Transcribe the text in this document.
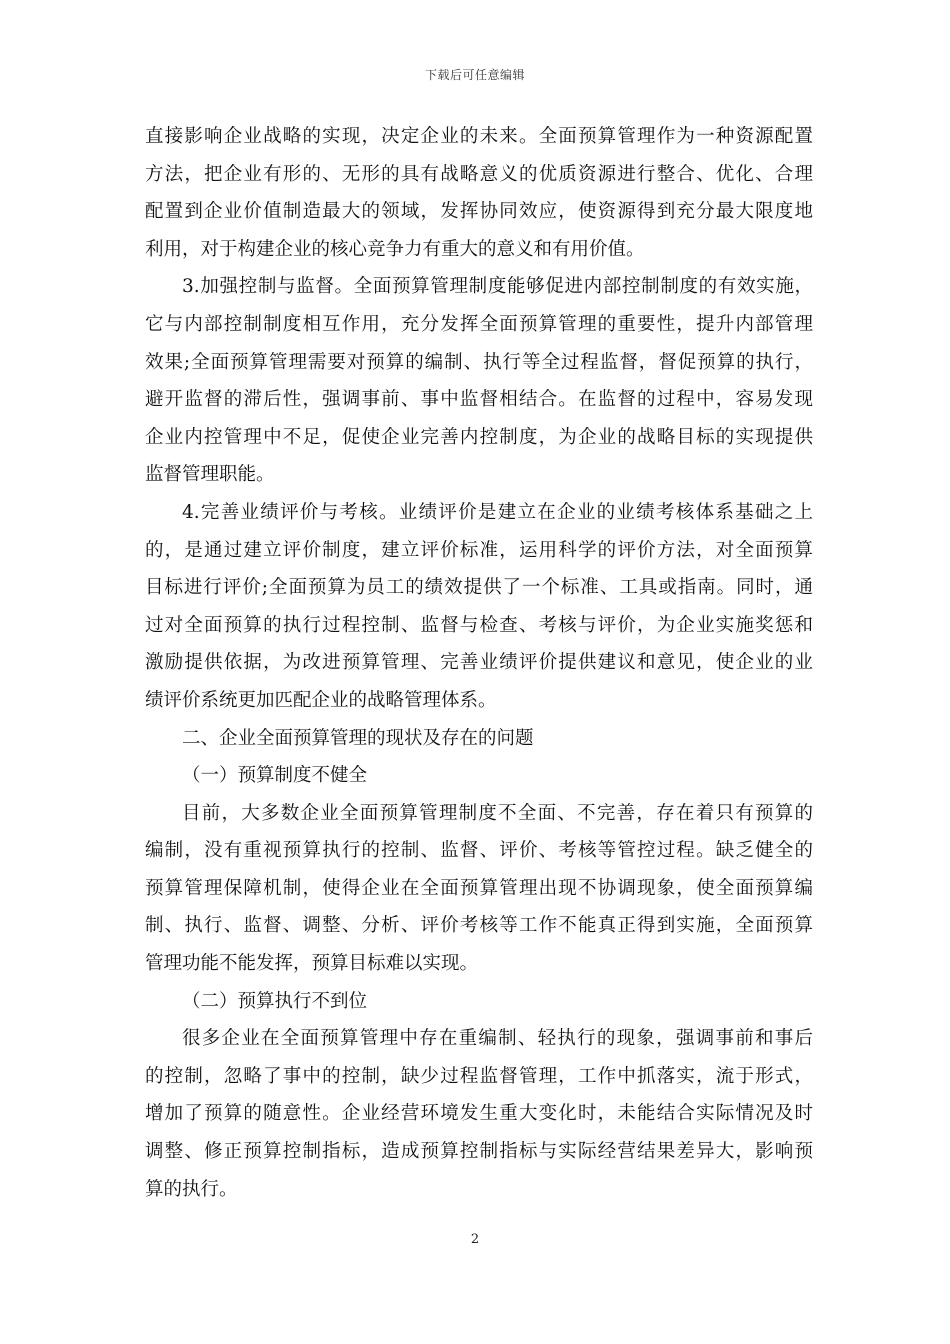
下载后可任意编辑
直接影响企业战略的实现，决定企业的未来。全面预算管理作为一种资源配置
方法，把企业有形的、无形的具有战略意义的优质资源进行整合、优化、合理
配置到企业价值制造最大的领域，发挥协同效应，使资源得到充分最大限度地
利用，对于构建企业的核心竞争力有重大的意义和有用价值。
3.加强控制与监督。全面预算管理制度能够促进内部控制制度的有效实施，
它与内部控制制度相互作用，充分发挥全面预算管理的重要性，提升内部管理
效果;全面预算管理需要对预算的编制、执行等全过程监督，督促预算的执行，
避开监督的滞后性，强调事前、事中监督相结合。在监督的过程中，容易发现
企业内控管理中不足，促使企业完善内控制度，为企业的战略目标的实现提供
监督管理职能。
4.完善业绩评价与考核。业绩评价是建立在企业的业绩考核体系基础之上
的，是通过建立评价制度，建立评价标准，运用科学的评价方法，对全面预算
目标进行评价;全面预算为员工的绩效提供了一个标准、工具或指南。同时，通
过对全面预算的执行过程控制、监督与检查、考核与评价，为企业实施奖惩和
激励提供依据，为改进预算管理、完善业绩评价提供建议和意见，使企业的业
绩评价系统更加匹配企业的战略管理体系。
二、企业全面预算管理的现状及存在的问题
（一）预算制度不健全
目前，大多数企业全面预算管理制度不全面、不完善，存在着只有预算的
编制，没有重视预算执行的控制、监督、评价、考核等管控过程。缺乏健全的
预算管理保障机制，使得企业在全面预算管理出现不协调现象，使全面预算编
制、执行、监督、调整、分析、评价考核等工作不能真正得到实施，全面预算
管理功能不能发挥，预算目标难以实现。
（二）预算执行不到位
很多企业在全面预算管理中存在重编制、轻执行的现象，强调事前和事后
的控制，忽略了事中的控制，缺少过程监督管理，工作中抓落实，流于形式，
增加了预算的随意性。企业经营环境发生重大变化时，未能结合实际情况及时
调整、修正预算控制指标，造成预算控制指标与实际经营结果差异大，影响预
算的执行。
2
